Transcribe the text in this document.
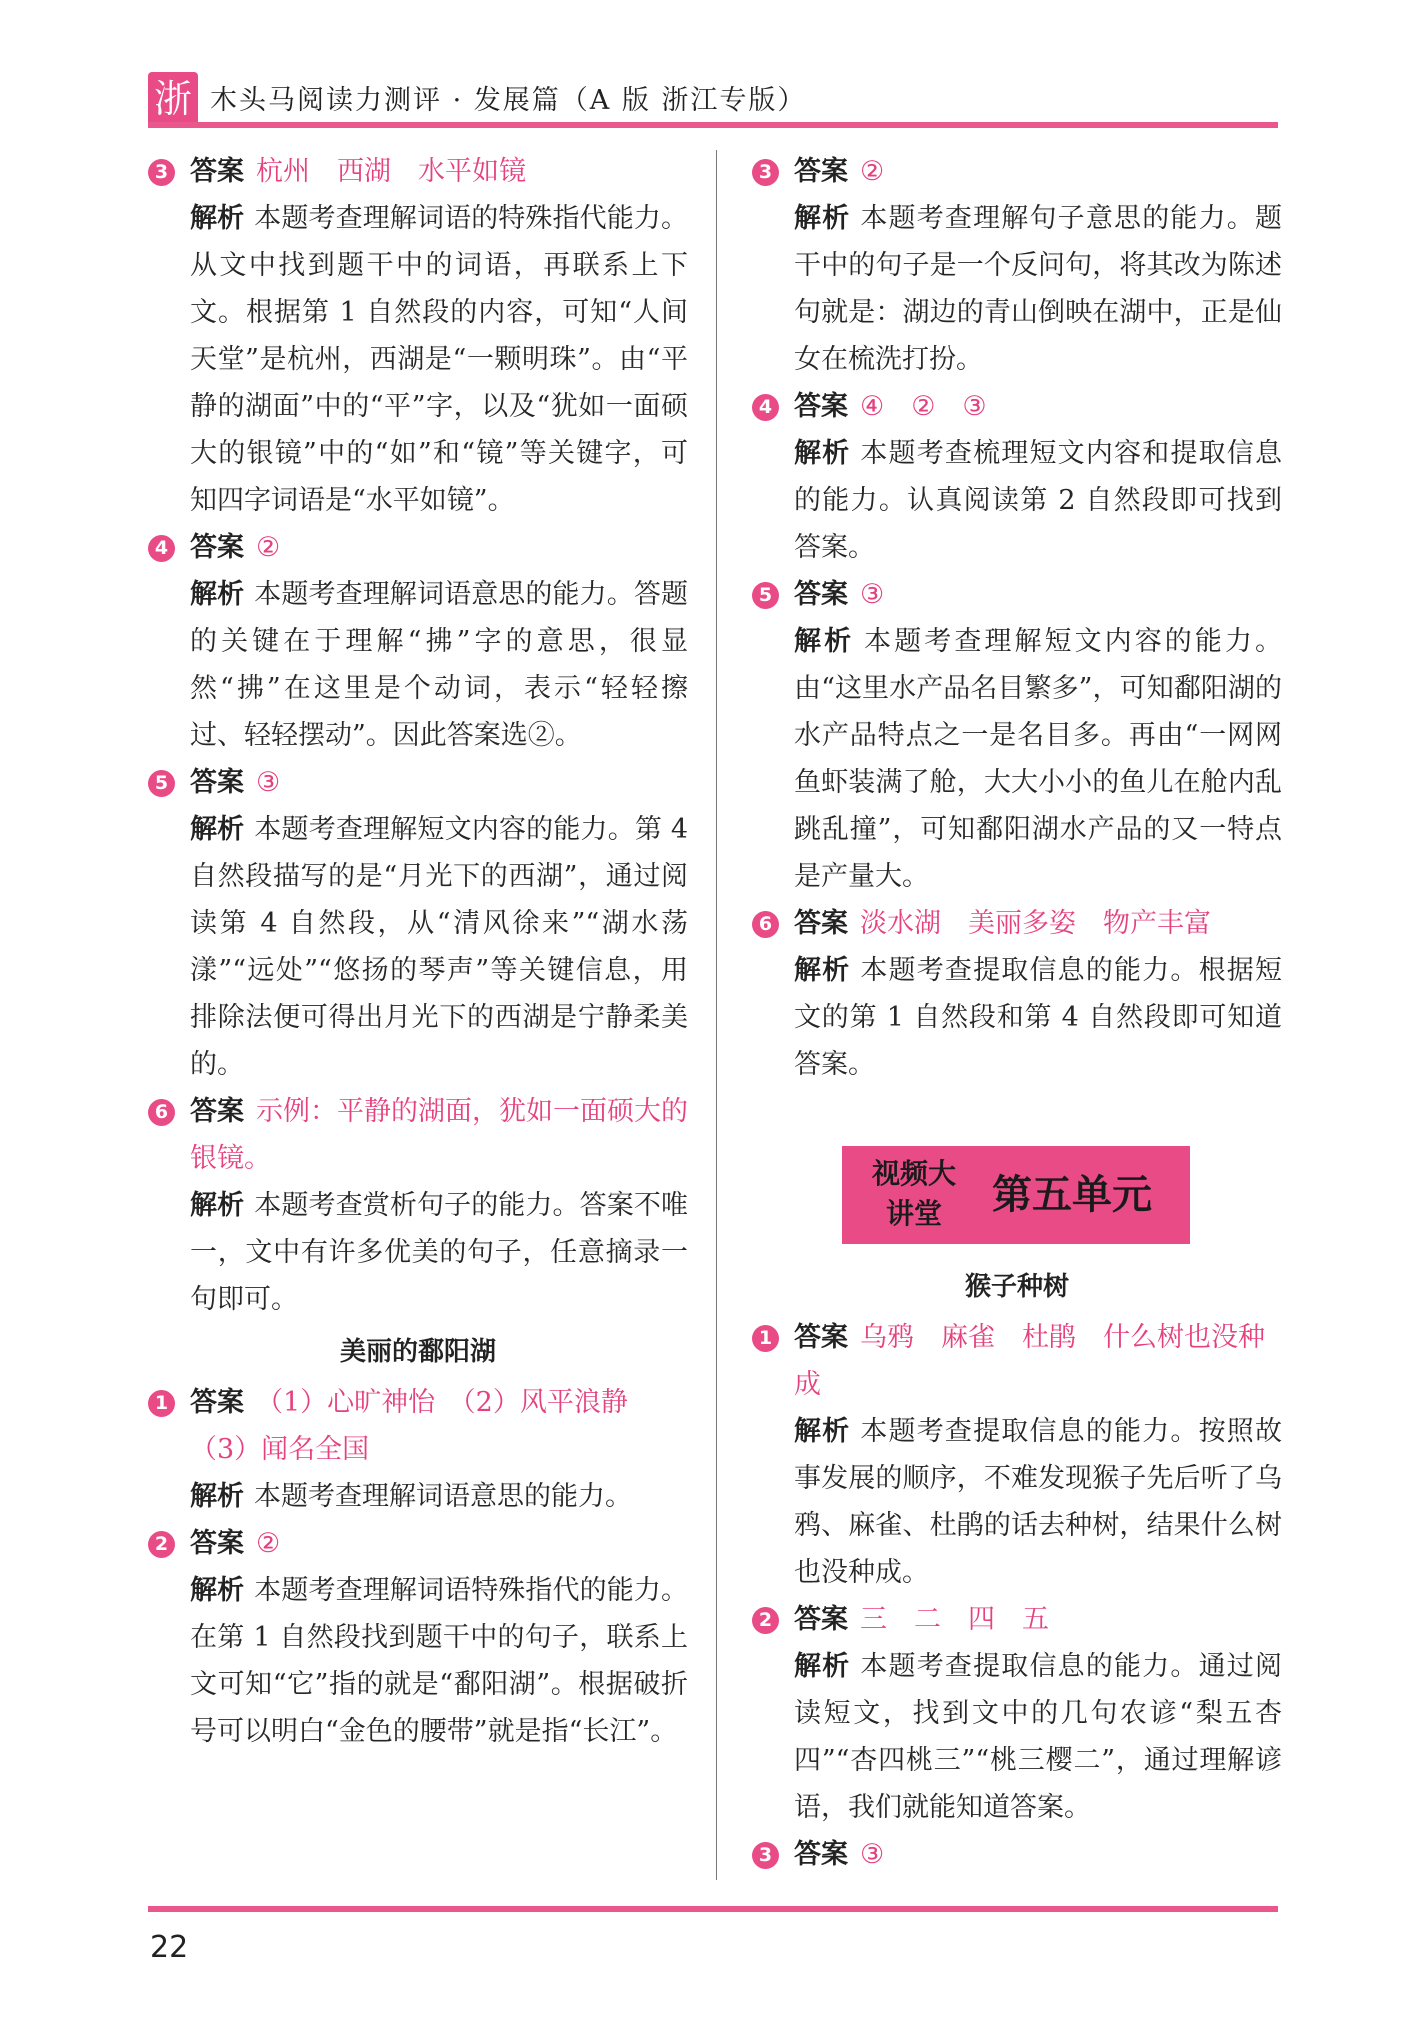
浙 木头马阅读力测评 · 发展篇（A 版 浙江专版）

3 答案 杭州　西湖　水平如镜

解析 本题考查理解词语的特殊指代能力。从文中找到题干中的词语，再联系上下文。根据第 1 自然段的内容，可知“人间天堂”是杭州，西湖是“一颗明珠”。由“平静的湖面”中的“平”字，以及“犹如一面硕大的银镜”中的“如”和“镜”等关键字，可知四字词语是“水平如镜”。

4 答案 ②

解析 本题考查理解词语意思的能力。答题的关键在于理解“拂”字的意思，很显然“拂”在这里是个动词，表示“轻轻擦过、轻轻摆动”。因此答案选②。

5 答案 ③

解析 本题考查理解短文内容的能力。第 4 自然段描写的是“月光下的西湖”，通过阅读第 4 自然段，从“清风徐来”“湖水荡漾”“远处”“悠扬的琴声”等关键信息，用排除法便可得出月光下的西湖是宁静柔美的。

6 答案 示例：平静的湖面，犹如一面硕大的银镜。

解析 本题考查赏析句子的能力。答案不唯一，文中有许多优美的句子，任意摘录一句即可。

美丽的鄱阳湖

1 答案 （1）心旷神怡　（2）风平浪静　（3）闻名全国

解析 本题考查理解词语意思的能力。

2 答案 ②

解析 本题考查理解词语特殊指代的能力。在第 1 自然段找到题干中的句子，联系上文可知“它”指的就是“鄱阳湖”。根据破折号可以明白“金色的腰带”就是指“长江”。

3 答案 ②

解析 本题考查理解句子意思的能力。题干中的句子是一个反问句，将其改为陈述句就是：湖边的青山倒映在湖中，正是仙女在梳洗打扮。

4 答案 ④　②　③

解析 本题考查梳理短文内容和提取信息的能力。认真阅读第 2 自然段即可找到答案。

5 答案 ③

解析 本题考查理解短文内容的能力。由“这里水产品名目繁多”，可知鄱阳湖的水产品特点之一是名目多。再由“一网网鱼虾装满了舱，大大小小的鱼儿在舱内乱跳乱撞”，可知鄱阳湖水产品的又一特点是产量大。

6 答案 淡水湖　美丽多姿　物产丰富

解析 本题考查提取信息的能力。根据短文的第 1 自然段和第 4 自然段即可知道答案。

视频大讲堂	第五单元
猴子种树

1 答案 乌鸦　麻雀　杜鹃　什么树也没种成

解析 本题考查提取信息的能力。按照故事发展的顺序，不难发现猴子先后听了乌鸦、麻雀、杜鹃的话去种树，结果什么树也没种成。

2 答案 三　二　四　五

解析 本题考查提取信息的能力。通过阅读短文，找到文中的几句农谚“梨五杏四”“杏四桃三”“桃三樱二”，通过理解谚语，我们就能知道答案。

3 答案 ③

22
